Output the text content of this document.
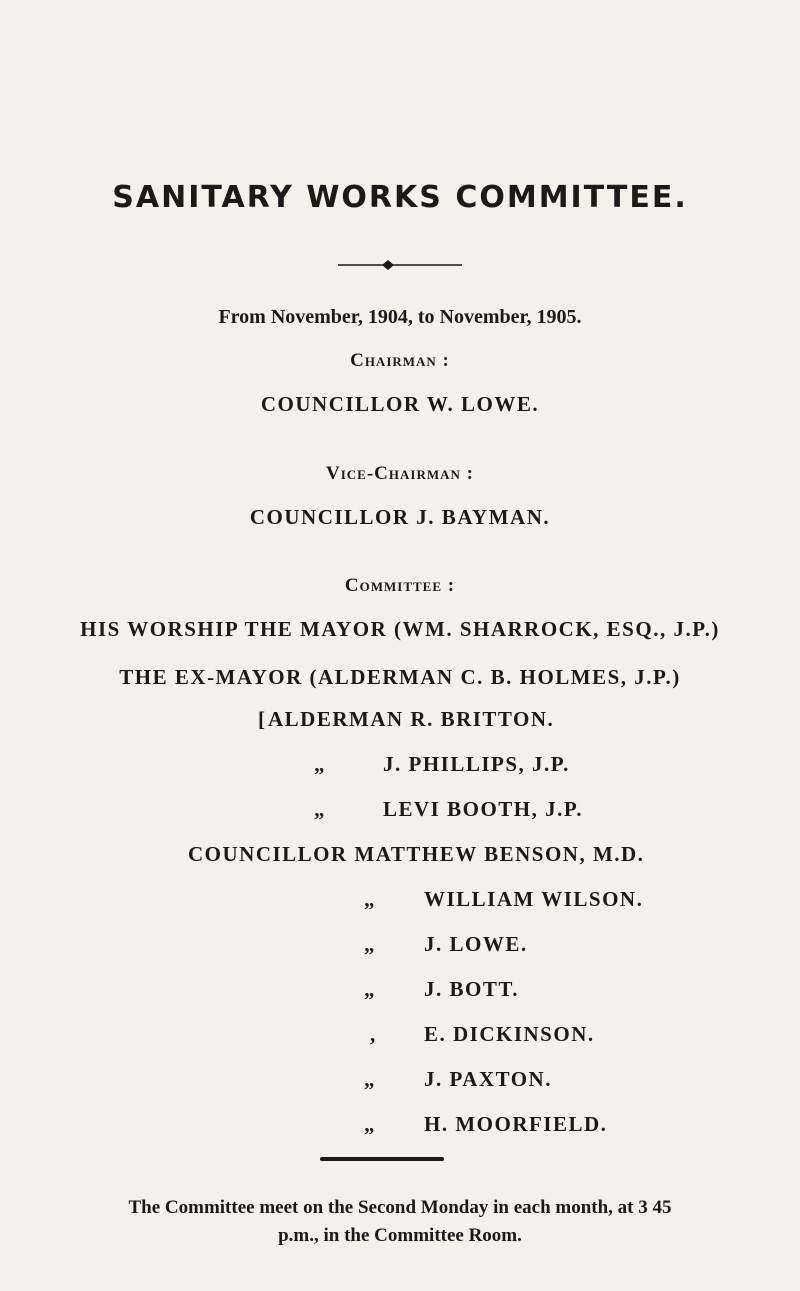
SANITARY WORKS COMMITTEE.
From November, 1904, to November, 1905.
Chairman :
COUNCILLOR W. LOWE.
Vice-Chairman :
COUNCILLOR J. BAYMAN.
Committee :
HIS WORSHIP THE MAYOR (WM. SHARROCK, ESQ., J.P.)
THE EX-MAYOR (ALDERMAN C. B. HOLMES, J.P.)
[ ALDERMAN R. BRITTON.
„	J. PHILLIPS, J.P.
„	LEVI BOOTH, J.P.
COUNCILLOR MATTHEW BENSON, M.D.
„ WILLIAM WILSON.
„ J. LOWE.
„ J. BOTT.
, E. DICKINSON.
„ J. PAXTON.
„ H. MOORFIELD.
The Committee meet on the Second Monday in each month, at 3 45
p.m., in the Committee Room.
